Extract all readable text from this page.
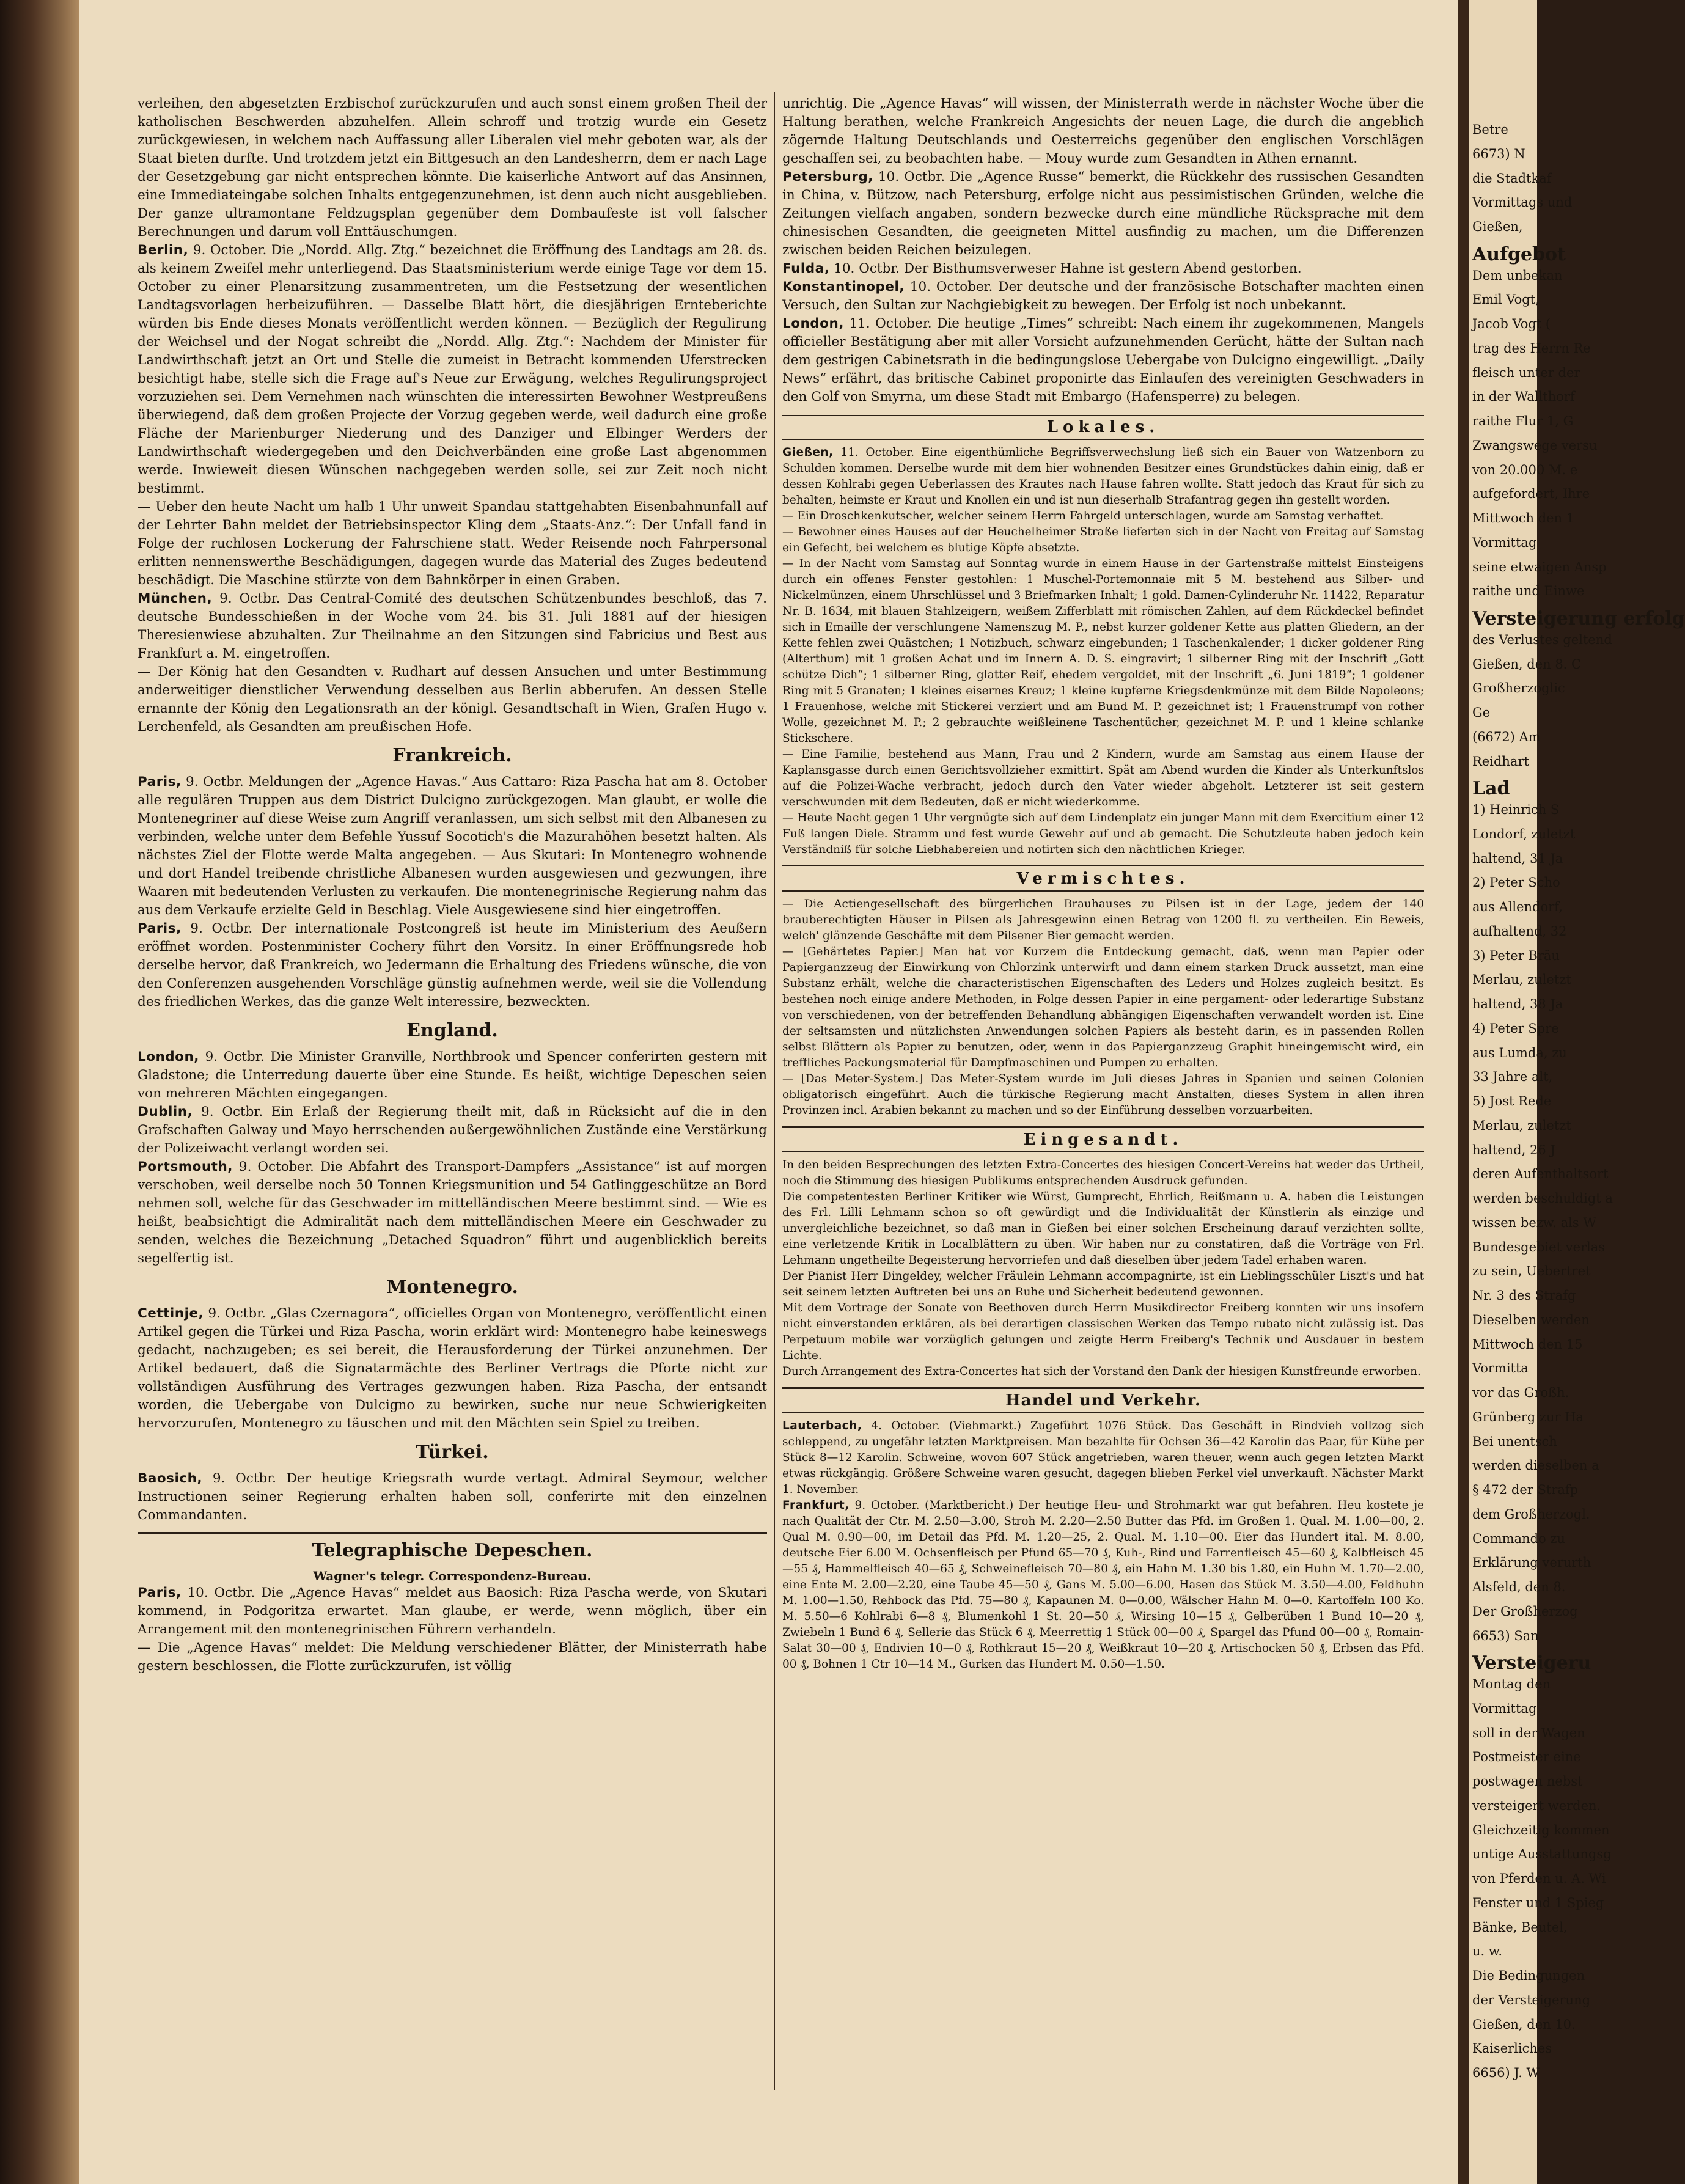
verleihen, den abgesetzten Erzbischof zurückzurufen und auch sonst einem großen Theil der katholischen Beschwerden abzuhelfen. Allein schroff und trotzig wurde ein Gesetz zurückgewiesen, in welchem nach Auffassung aller Liberalen viel mehr geboten war, als der Staat bieten durfte. Und trotzdem jetzt ein Bittgesuch an den Landesherrn, dem er nach Lage der Gesetzgebung gar nicht entsprechen könnte. Die kaiserliche Antwort auf das Ansinnen, eine Immediateingabe solchen Inhalts entgegenzunehmen, ist denn auch nicht ausgeblieben. Der ganze ultramontane Feldzugsplan gegenüber dem Dombaufeste ist voll falscher Berechnungen und darum voll Enttäuschungen.

Berlin, 9. October. Die „Nordd. Allg. Ztg.“ bezeichnet die Eröffnung des Landtags am 28. ds. als keinem Zweifel mehr unterliegend. Das Staatsministerium werde einige Tage vor dem 15. October zu einer Plenarsitzung zusammentreten, um die Festsetzung der wesentlichen Landtagsvorlagen herbeizuführen. — Dasselbe Blatt hört, die diesjährigen Ernteberichte würden bis Ende dieses Monats veröffentlicht werden können. — Bezüglich der Regulirung der Weichsel und der Nogat schreibt die „Nordd. Allg. Ztg.“: Nachdem der Minister für Landwirthschaft jetzt an Ort und Stelle die zumeist in Betracht kommenden Uferstrecken besichtigt habe, stelle sich die Frage auf's Neue zur Erwägung, welches Regulirungsproject vorzuziehen sei. Dem Vernehmen nach wünschten die interessirten Bewohner Westpreußens überwiegend, daß dem großen Projecte der Vorzug gegeben werde, weil dadurch eine große Fläche der Marienburger Niederung und des Danziger und Elbinger Werders der Landwirthschaft wiedergegeben und den Deichverbänden eine große Last abgenommen werde. Inwieweit diesen Wünschen nachgegeben werden solle, sei zur Zeit noch nicht bestimmt.

— Ueber den heute Nacht um halb 1 Uhr unweit Spandau stattgehabten Eisenbahnunfall auf der Lehrter Bahn meldet der Betriebsinspector Kling dem „Staats-Anz.“: Der Unfall fand in Folge der ruchlosen Lockerung der Fahrschiene statt. Weder Reisende noch Fahrpersonal erlitten nennenswerthe Beschädigungen, dagegen wurde das Material des Zuges bedeutend beschädigt. Die Maschine stürzte von dem Bahnkörper in einen Graben.

München, 9. Octbr. Das Central-Comité des deutschen Schützenbundes beschloß, das 7. deutsche Bundesschießen in der Woche vom 24. bis 31. Juli 1881 auf der hiesigen Theresienwiese abzuhalten. Zur Theilnahme an den Sitzungen sind Fabricius und Best aus Frankfurt a. M. eingetroffen.

— Der König hat den Gesandten v. Rudhart auf dessen Ansuchen und unter Bestimmung anderweitiger dienstlicher Verwendung desselben aus Berlin abberufen. An dessen Stelle ernannte der König den Legationsrath an der königl. Gesandtschaft in Wien, Grafen Hugo v. Lerchenfeld, als Gesandten am preußischen Hofe.

Frankreich.

Paris, 9. Octbr. Meldungen der „Agence Havas.“ Aus Cattaro: Riza Pascha hat am 8. October alle regulären Truppen aus dem District Dulcigno zurückgezogen. Man glaubt, er wolle die Montenegriner auf diese Weise zum Angriff veranlassen, um sich selbst mit den Albanesen zu verbinden, welche unter dem Befehle Yussuf Socotich's die Mazurahöhen besetzt halten. Als nächstes Ziel der Flotte werde Malta angegeben. — Aus Skutari: In Montenegro wohnende und dort Handel treibende christliche Albanesen wurden ausgewiesen und gezwungen, ihre Waaren mit bedeutenden Verlusten zu verkaufen. Die montenegrinische Regierung nahm das aus dem Verkaufe erzielte Geld in Beschlag. Viele Ausgewiesene sind hier eingetroffen.

Paris, 9. Octbr. Der internationale Postcongreß ist heute im Ministerium des Aeußern eröffnet worden. Postenminister Cochery führt den Vorsitz. In einer Eröffnungsrede hob derselbe hervor, daß Frankreich, wo Jedermann die Erhaltung des Friedens wünsche, die von den Conferenzen ausgehenden Vorschläge günstig aufnehmen werde, weil sie die Vollendung des friedlichen Werkes, das die ganze Welt interessire, bezweckten.

England.

London, 9. Octbr. Die Minister Granville, Northbrook und Spencer conferirten gestern mit Gladstone; die Unterredung dauerte über eine Stunde. Es heißt, wichtige Depeschen seien von mehreren Mächten eingegangen.

Dublin, 9. Octbr. Ein Erlaß der Regierung theilt mit, daß in Rücksicht auf die in den Grafschaften Galway und Mayo herrschenden außergewöhnlichen Zustände eine Verstärkung der Polizeiwacht verlangt worden sei.

Portsmouth, 9. October. Die Abfahrt des Transport-Dampfers „Assistance“ ist auf morgen verschoben, weil derselbe noch 50 Tonnen Kriegsmunition und 54 Gatlinggeschütze an Bord nehmen soll, welche für das Geschwader im mittelländischen Meere bestimmt sind. — Wie es heißt, beabsichtigt die Admiralität nach dem mittelländischen Meere ein Geschwader zu senden, welches die Bezeichnung „Detached Squadron“ führt und augenblicklich bereits segelfertig ist.

Montenegro.

Cettinje, 9. Octbr. „Glas Czernagora“, officielles Organ von Montenegro, veröffentlicht einen Artikel gegen die Türkei und Riza Pascha, worin erklärt wird: Montenegro habe keineswegs gedacht, nachzugeben; es sei bereit, die Herausforderung der Türkei anzunehmen. Der Artikel bedauert, daß die Signatarmächte des Berliner Vertrags die Pforte nicht zur vollständigen Ausführung des Vertrages gezwungen haben. Riza Pascha, der entsandt worden, die Uebergabe von Dulcigno zu bewirken, suche nur neue Schwierigkeiten hervorzurufen, Montenegro zu täuschen und mit den Mächten sein Spiel zu treiben.

Türkei.

Baosich, 9. Octbr. Der heutige Kriegsrath wurde vertagt. Admiral Seymour, welcher Instructionen seiner Regierung erhalten haben soll, conferirte mit den einzelnen Commandanten.

Telegraphische Depeschen.
Wagner's telegr. Correspondenz-Bureau.

Paris, 10. Octbr. Die „Agence Havas“ meldet aus Baosich: Riza Pascha werde, von Skutari kommend, in Podgoritza erwartet. Man glaube, er werde, wenn möglich, über ein Arrangement mit den montenegrinischen Führern verhandeln.

— Die „Agence Havas“ meldet: Die Meldung verschiedener Blätter, der Ministerrath habe gestern beschlossen, die Flotte zurückzurufen, ist völlig

unrichtig. Die „Agence Havas“ will wissen, der Ministerrath werde in nächster Woche über die Haltung berathen, welche Frankreich Angesichts der neuen Lage, die durch die angeblich zögernde Haltung Deutschlands und Oesterreichs gegenüber den englischen Vorschlägen geschaffen sei, zu beobachten habe. — Mouy wurde zum Gesandten in Athen ernannt.

Petersburg, 10. Octbr. Die „Agence Russe“ bemerkt, die Rückkehr des russischen Gesandten in China, v. Bützow, nach Petersburg, erfolge nicht aus pessimistischen Gründen, welche die Zeitungen vielfach angaben, sondern bezwecke durch eine mündliche Rücksprache mit dem chinesischen Gesandten, die geeigneten Mittel ausfindig zu machen, um die Differenzen zwischen beiden Reichen beizulegen.

Fulda, 10. Octbr. Der Bisthumsverweser Hahne ist gestern Abend gestorben.

Konstantinopel, 10. October. Der deutsche und der französische Botschafter machten einen Versuch, den Sultan zur Nachgiebigkeit zu bewegen. Der Erfolg ist noch unbekannt.

London, 11. October. Die heutige „Times“ schreibt: Nach einem ihr zugekommenen, Mangels officieller Bestätigung aber mit aller Vorsicht aufzunehmenden Gerücht, hätte der Sultan nach dem gestrigen Cabinetsrath in die bedingungslose Uebergabe von Dulcigno eingewilligt. „Daily News“ erfährt, das britische Cabinet proponirte das Einlaufen des vereinigten Geschwaders in den Golf von Smyrna, um diese Stadt mit Embargo (Hafensperre) zu belegen.

Lokales.

Gießen, 11. October. Eine eigenthümliche Begriffsverwechslung ließ sich ein Bauer von Watzenborn zu Schulden kommen. Derselbe wurde mit dem hier wohnenden Besitzer eines Grundstückes dahin einig, daß er dessen Kohlrabi gegen Ueberlassen des Krautes nach Hause fahren wollte. Statt jedoch das Kraut für sich zu behalten, heimste er Kraut und Knollen ein und ist nun dieserhalb Strafantrag gegen ihn gestellt worden.

— Ein Droschkenkutscher, welcher seinem Herrn Fahrgeld unterschlagen, wurde am Samstag verhaftet.

— Bewohner eines Hauses auf der Heuchelheimer Straße lieferten sich in der Nacht von Freitag auf Samstag ein Gefecht, bei welchem es blutige Köpfe absetzte.

— In der Nacht vom Samstag auf Sonntag wurde in einem Hause in der Gartenstraße mittelst Einsteigens durch ein offenes Fenster gestohlen: 1 Muschel-Portemonnaie mit 5 M. bestehend aus Silber- und Nickelmünzen, einem Uhrschlüssel und 3 Briefmarken Inhalt; 1 gold. Damen-Cylinderuhr Nr. 11422, Reparatur Nr. B. 1634, mit blauen Stahlzeigern, weißem Zifferblatt mit römischen Zahlen, auf dem Rückdeckel befindet sich in Emaille der verschlungene Namenszug M. P., nebst kurzer goldener Kette aus platten Gliedern, an der Kette fehlen zwei Quästchen; 1 Notizbuch, schwarz eingebunden; 1 Taschenkalender; 1 dicker goldener Ring (Alterthum) mit 1 großen Achat und im Innern A. D. S. eingravirt; 1 silberner Ring mit der Inschrift „Gott schütze Dich“; 1 silberner Ring, glatter Reif, ehedem vergoldet, mit der Inschrift „6. Juni 1819“; 1 goldener Ring mit 5 Granaten; 1 kleines eisernes Kreuz; 1 kleine kupferne Kriegsdenkmünze mit dem Bilde Napoleons; 1 Frauenhose, welche mit Stickerei verziert und am Bund M. P. gezeichnet ist; 1 Frauenstrumpf von rother Wolle, gezeichnet M. P.; 2 gebrauchte weißleinene Taschentücher, gezeichnet M. P. und 1 kleine schlanke Stickschere.

— Eine Familie, bestehend aus Mann, Frau und 2 Kindern, wurde am Samstag aus einem Hause der Kaplansgasse durch einen Gerichtsvollzieher exmittirt. Spät am Abend wurden die Kinder als Unterkunftslos auf die Polizei-Wache verbracht, jedoch durch den Vater wieder abgeholt. Letzterer ist seit gestern verschwunden mit dem Bedeuten, daß er nicht wiederkomme.

— Heute Nacht gegen 1 Uhr vergnügte sich auf dem Lindenplatz ein junger Mann mit dem Exercitium einer 12 Fuß langen Diele. Stramm und fest wurde Gewehr auf und ab gemacht. Die Schutzleute haben jedoch kein Verständniß für solche Liebhabereien und notirten sich den nächtlichen Krieger.

Vermischtes.

— Die Actiengesellschaft des bürgerlichen Brauhauses zu Pilsen ist in der Lage, jedem der 140 brauberechtigten Häuser in Pilsen als Jahresgewinn einen Betrag von 1200 fl. zu vertheilen. Ein Beweis, welch' glänzende Geschäfte mit dem Pilsener Bier gemacht werden.

— [Gehärtetes Papier.] Man hat vor Kurzem die Entdeckung gemacht, daß, wenn man Papier oder Papierganzzeug der Einwirkung von Chlorzink unterwirft und dann einem starken Druck aussetzt, man eine Substanz erhält, welche die characteristischen Eigenschaften des Leders und Holzes zugleich besitzt. Es bestehen noch einige andere Methoden, in Folge dessen Papier in eine pergament- oder lederartige Substanz von verschiedenen, von der betreffenden Behandlung abhängigen Eigenschaften verwandelt worden ist. Eine der seltsamsten und nützlichsten Anwendungen solchen Papiers als besteht darin, es in passenden Rollen selbst Blättern als Papier zu benutzen, oder, wenn in das Papierganzzeug Graphit hineingemischt wird, ein treffliches Packungsmaterial für Dampfmaschinen und Pumpen zu erhalten.

— [Das Meter-System.] Das Meter-System wurde im Juli dieses Jahres in Spanien und seinen Colonien obligatorisch eingeführt. Auch die türkische Regierung macht Anstalten, dieses System in allen ihren Provinzen incl. Arabien bekannt zu machen und so der Einführung desselben vorzuarbeiten.

Eingesandt.

In den beiden Besprechungen des letzten Extra-Concertes des hiesigen Concert-Vereins hat weder das Urtheil, noch die Stimmung des hiesigen Publikums entsprechenden Ausdruck gefunden.

Die competentesten Berliner Kritiker wie Würst, Gumprecht, Ehrlich, Reißmann u. A. haben die Leistungen des Frl. Lilli Lehmann schon so oft gewürdigt und die Individualität der Künstlerin als einzige und unvergleichliche bezeichnet, so daß man in Gießen bei einer solchen Erscheinung darauf verzichten sollte, eine verletzende Kritik in Localblättern zu üben. Wir haben nur zu constatiren, daß die Vorträge von Frl. Lehmann ungetheilte Begeisterung hervorriefen und daß dieselben über jedem Tadel erhaben waren.

Der Pianist Herr Dingeldey, welcher Fräulein Lehmann accompagnirte, ist ein Lieblingsschüler Liszt's und hat seit seinem letzten Auftreten bei uns an Ruhe und Sicherheit bedeutend gewonnen.

Mit dem Vortrage der Sonate von Beethoven durch Herrn Musikdirector Freiberg konnten wir uns insofern nicht einverstanden erklären, als bei derartigen classischen Werken das Tempo rubato nicht zulässig ist. Das Perpetuum mobile war vorzüglich gelungen und zeigte Herrn Freiberg's Technik und Ausdauer in bestem Lichte.

Durch Arrangement des Extra-Concertes hat sich der Vorstand den Dank der hiesigen Kunstfreunde erworben.

Handel und Verkehr.

Lauterbach, 4. October. (Viehmarkt.) Zugeführt 1076 Stück. Das Geschäft in Rindvieh vollzog sich schleppend, zu ungefähr letzten Marktpreisen. Man bezahlte für Ochsen 36—42 Karolin das Paar, für Kühe per Stück 8—12 Karolin. Schweine, wovon 607 Stück angetrieben, waren theuer, wenn auch gegen letzten Markt etwas rückgängig. Größere Schweine waren gesucht, dagegen blieben Ferkel viel unverkauft. Nächster Markt 1. November.

Frankfurt, 9. October. (Marktbericht.) Der heutige Heu- und Strohmarkt war gut befahren. Heu kostete je nach Qualität der Ctr. M. 2.50—3.00, Stroh M. 2.20—2.50 Butter das Pfd. im Großen 1. Qual. M. 1.00—00, 2. Qual M. 0.90—00, im Detail das Pfd. M. 1.20—25, 2. Qual. M. 1.10—00. Eier das Hundert ital. M. 8.00, deutsche Eier 6.00 M. Ochsenfleisch per Pfund 65—70 ₰, Kuh-, Rind und Farrenfleisch 45—60 ₰, Kalbfleisch 45—55 ₰, Hammelfleisch 40—65 ₰, Schweinefleisch 70—80 ₰, ein Hahn M. 1.30 bis 1.80, ein Huhn M. 1.70—2.00, eine Ente M. 2.00—2.20, eine Taube 45—50 ₰, Gans M. 5.00—6.00, Hasen das Stück M. 3.50—4.00, Feldhuhn M. 1.00—1.50, Rehbock das Pfd. 75—80 ₰, Kapaunen M. 0—0.00, Wälscher Hahn M. 0—0. Kartoffeln 100 Ko. M. 5.50—6 Kohlrabi 6—8 ₰, Blumenkohl 1 St. 20—50 ₰, Wirsing 10—15 ₰, Gelberüben 1 Bund 10—20 ₰, Zwiebeln 1 Bund 6 ₰, Sellerie das Stück 6 ₰, Meerrettig 1 Stück 00—00 ₰, Spargel das Pfund 00—00 ₰, Romain-Salat 30—00 ₰, Endivien 10—0 ₰, Rothkraut 15—20 ₰, Weißkraut 10—20 ₰, Artischocken 50 ₰, Erbsen das Pfd. 00 ₰, Bohnen 1 Ctr 10—14 M., Gurken das Hundert M. 0.50—1.50.

Betre
6673) N
die Stadtkaf
Vormittags und
Gießen,
Aufgebot
Dem unbekan
Emil Vogt,
Jacob Vogt (
trag des Herrn Re
fleisch unter der
in der Wallthorf
raithe Flur 1, G
Zwangswege versu
von 20.000 M. e
aufgefordert, Ihre
Mittwoch den 1
Vormittag
seine etwaigen Ansp
raithe und Einwe
Versteigerung erfolg
des Verlustes geltend
Gießen, den 8. C
Großherzoglic
Ge
(6672) Am
Reidhart
Lad
1) Heinrich S
Londorf, zuletzt
haltend, 31 Ja
2) Peter Scho
aus Allendorf,
aufhaltend, 32
3) Peter Bräu
Merlau, zuletzt
haltend, 38 Ja
4) Peter Spre
aus Lumda, zu
33 Jahre alt,
5) Jost Rede
Merlau, zuletzt
haltend, 26 J
deren Aufenthaltsort
werden beschuldigt a
wissen bezw. als W
Bundesgebiet verlas
zu sein, Uebertret
Nr. 3 des Strafg
Dieselben werden
Mittwoch den 15
Vormitta
vor das Großh.
Grünberg zur Ha
Bei unentsch
werden dieselben a
§ 472 der Strafp
dem Großherzogl.
Commando zu
Erklärung verurth
Alsfeld, den 8.
Der Großherzog
6653) San
Versteigeru
Montag den
Vormittag
soll in der Wagen
Postmeister eine
postwagen nebst
versteigert werden.
Gleichzeitig kommen
untige Ausstattungsg
von Pferden u. A. Wi
Fenster und 1 Spieg
Bänke, Beutel,
u. w.
Die Bedingungen
der Versteigerung
Gießen, den 10.
Kaiserliches
6656) J. W
